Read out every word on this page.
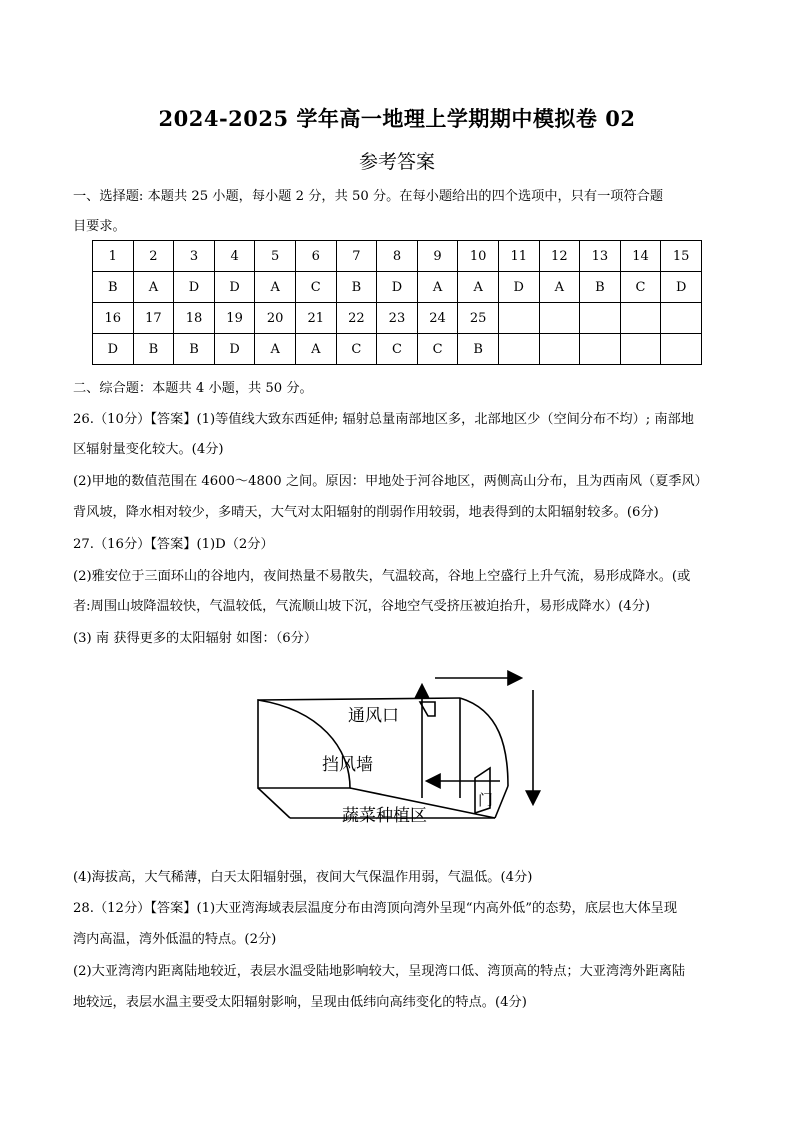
2024-2025 学年高一地理上学期期中模拟卷 02
参考答案
一、选择题: 本题共 25 小题，每小题 2 分，共 50 分。在每小题给出的四个选项中，只有一项符合题
目要求。
1	2	3	4	5	6	7	8	9	10	11	12	13	14	15
B	A	D	D	A	C	B	D	A	A	D	A	B	C	D
16	17	18	19	20	21	22	23	24	25					
D	B	B	D	A	A	C	C	C	B					
二、综合题：本题共 4 小题，共 50 分。
26.（10分）【答案】(1)等值线大致东西延伸; 辐射总量南部地区多，北部地区少（空间分布不均）; 南部地
区辐射量变化较大。(4分)
(2)甲地的数值范围在 4600～4800 之间。原因：甲地处于河谷地区，两侧高山分布，且为西南风（夏季风）
背风坡，降水相对较少，多晴天，大气对太阳辐射的削弱作用较弱，地表得到的太阳辐射较多。(6分)
27.（16分）【答案】(1)D（2分）
(2)雅安位于三面环山的谷地内，夜间热量不易散失，气温较高，谷地上空盛行上升气流，易形成降水。(或
者:周围山坡降温较快，气温较低，气流顺山坡下沉，谷地空气受挤压被迫抬升，易形成降水）(4分)
(3) 南 获得更多的太阳辐射 如图：（6分）
通风口
挡风墙
门
蔬菜种植区
(4)海拔高，大气稀薄，白天太阳辐射强，夜间大气保温作用弱，气温低。(4分)
28.（12分）【答案】(1)大亚湾海域表层温度分布由湾顶向湾外呈现“内高外低”的态势，底层也大体呈现
湾内高温，湾外低温的特点。(2分)
(2)大亚湾湾内距离陆地较近，表层水温受陆地影响较大，呈现湾口低、湾顶高的特点；大亚湾湾外距离陆
地较远，表层水温主要受太阳辐射影响，呈现由低纬向高纬变化的特点。(4分)
